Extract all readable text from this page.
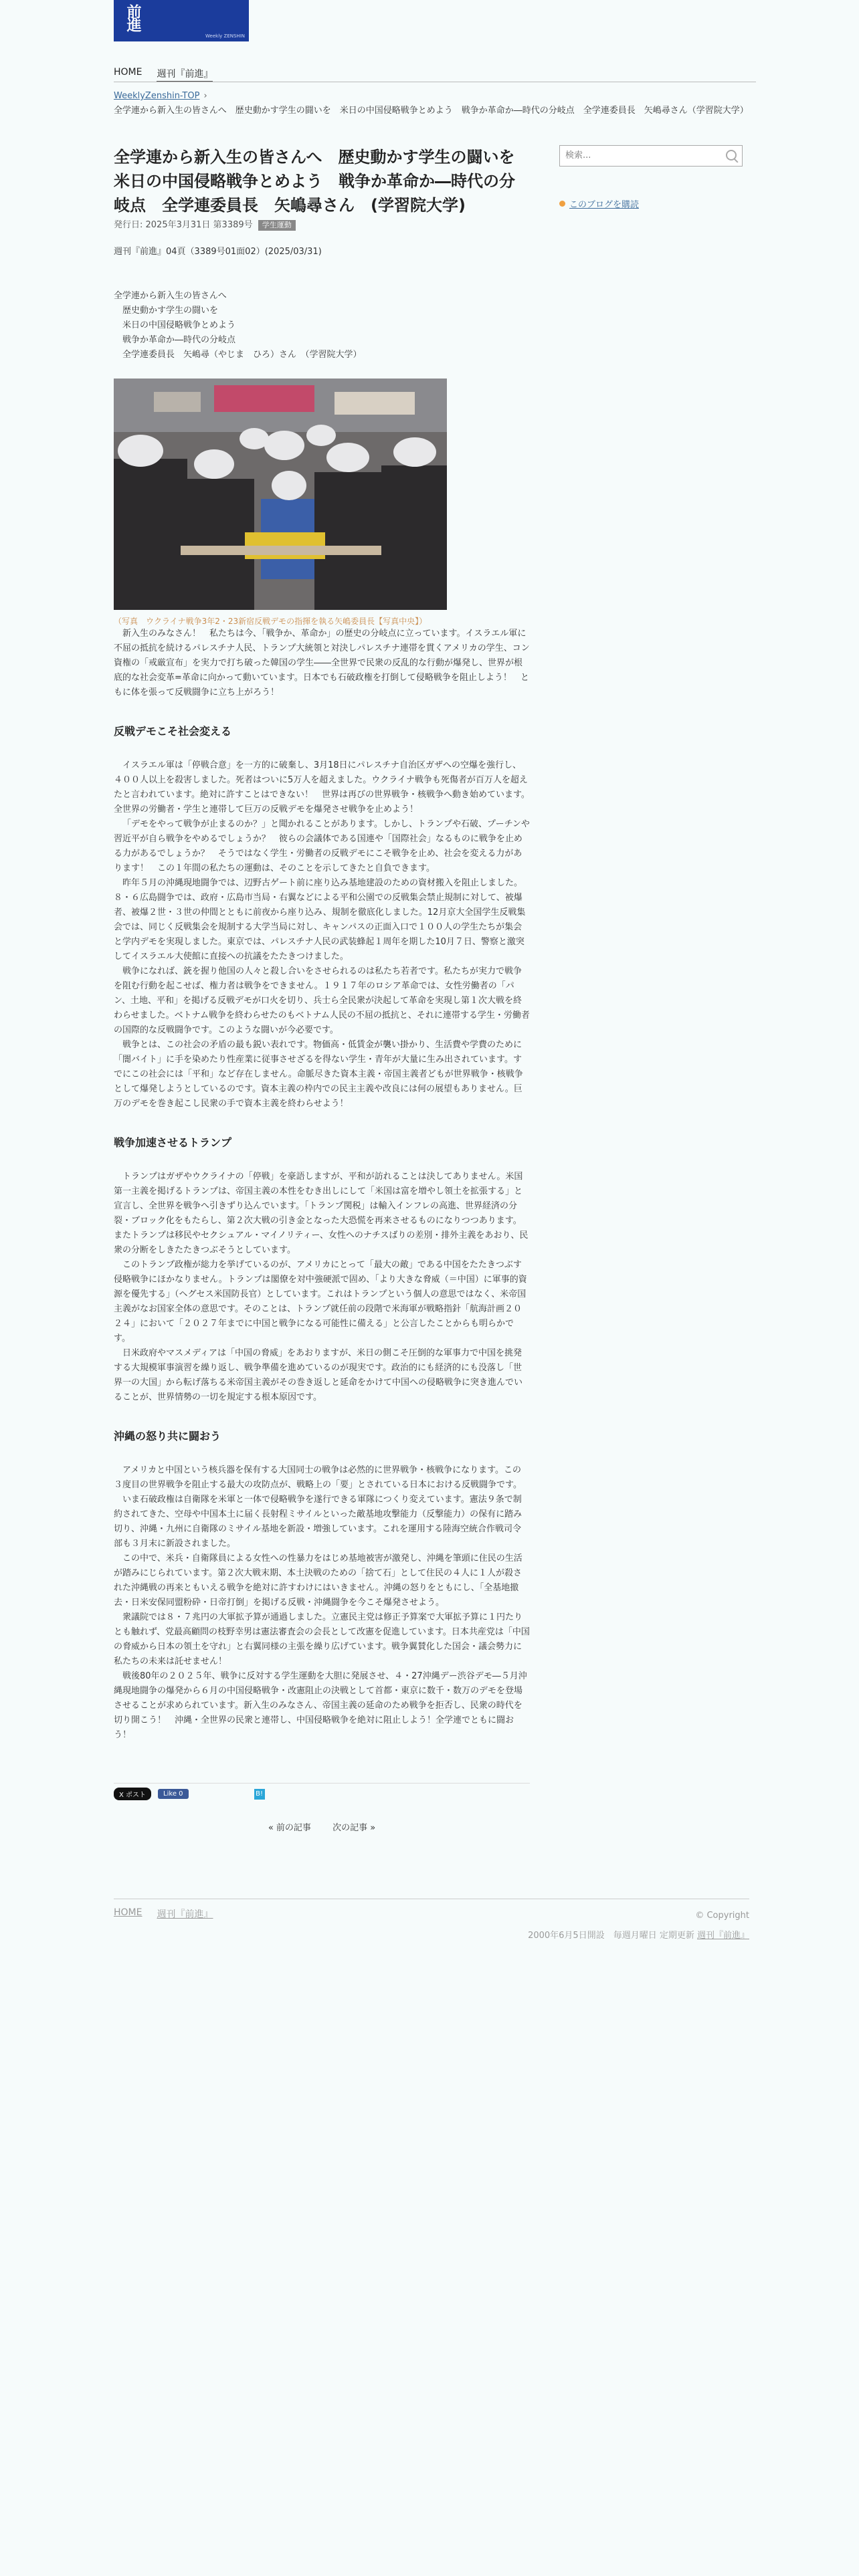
前進
Weekly ZENSHIN
HOME 週刊『前進』
WeeklyZenshin-TOP ›
全学連から新入生の皆さんへ　歴史動かす学生の闘いを　米日の中国侵略戦争とめよう　戦争か革命か―時代の分岐点　全学連委員長　矢嶋尋さん（学習院大学）
全学連から新入生の皆さんへ　歴史動かす学生の闘いを　米日の中国侵略戦争とめよう　戦争か革命か―時代の分岐点　全学連委員長　矢嶋尋さん　(学習院大学)
発行日: 2025年3月31日 第3389号 学生運動
週刊『前進』04頁（3389号01面02）(2025/03/31)
全学連から新入生の皆さんへ
　歴史動かす学生の闘いを
　米日の中国侵略戦争とめよう
　戦争か革命か―時代の分岐点
　全学連委員長　矢嶋尋（やじま　ひろ）さん　（学習院大学）
（写真　ウクライナ戦争3年2・23新宿反戦デモの指揮を執る矢嶋委員長【写真中央】）

新入生のみなさん！　私たちは今、「戦争か、革命か」の歴史の分岐点に立っています。イスラエル軍に不屈の抵抗を続けるパレスチナ人民、トランプ大統領と対決しパレスチナ連帯を貫くアメリカの学生、コン資権の「戒厳宣布」を実力で打ち破った韓国の学生――全世界で民衆の反乱的な行動が爆発し、世界が根底的な社会変革=革命に向かって動いています。日本でも石破政権を打倒して侵略戦争を阻止しよう！　ともに体を張って反戦闘争に立ち上がろう！

反戦デモこそ社会変える

イスラエル軍は「停戦合意」を一方的に破棄し、3月18日にパレスチナ自治区ガザへの空爆を強行し、４００人以上を殺害しました。死者はついに5万人を超えました。ウクライナ戦争も死傷者が百万人を超えたと言われています。絶対に許すことはできない！　世界は再びの世界戦争・核戦争へ動き始めています。全世界の労働者・学生と連帯して巨万の反戦デモを爆発させ戦争を止めよう！

「デモをやって戦争が止まるのか？」と聞かれることがあります。しかし、トランプや石破、プーチンや習近平が自ら戦争をやめるでしょうか？　彼らの会議体である国連や「国際社会」なるものに戦争を止める力があるでしょうか？　そうではなく学生・労働者の反戦デモにこそ戦争を止め、社会を変える力があります！　この１年間の私たちの運動は、そのことを示してきたと自負できます。

昨年５月の沖縄現地闘争では、辺野古ゲート前に座り込み基地建設のための資材搬入を阻止しました。８・６広島闘争では、政府・広島市当局・右翼などによる平和公園での反戦集会禁止規制に対して、被爆者、被爆２世・３世の仲間とともに前夜から座り込み、規制を徹底化しました。12月京大全国学生反戦集会では、同じく反戦集会を規制する大学当局に対し、キャンパスの正面入口で１００人の学生たちが集会と学内デモを実現しました。東京では、パレスチナ人民の武装蜂起１周年を期した10月７日、警察と激突してイスラエル大使館に直接への抗議をたたきつけました。

戦争になれば、銃を握り他国の人々と殺し合いをさせられるのは私たち若者です。私たちが実力で戦争を阻む行動を起こせば、権力者は戦争をできません。１９１７年のロシア革命では、女性労働者の「パン、土地、平和」を掲げる反戦デモが口火を切り、兵士ら全民衆が決起して革命を実現し第１次大戦を終わらせました。ベトナム戦争を終わらせたのもベトナム人民の不屈の抵抗と、それに連帯する学生・労働者の国際的な反戦闘争です。このような闘いが今必要です。

戦争とは、この社会の矛盾の最も鋭い表れです。物価高・低賃金が襲い掛かり、生活費や学費のために「闇バイト」に手を染めたり性産業に従事させざるを得ない学生・青年が大量に生み出されています。すでにこの社会には「平和」など存在しません。命脈尽きた資本主義・帝国主義者どもが世界戦争・核戦争として爆発しようとしているのです。資本主義の枠内での民主主義や改良には何の展望もありません。巨万のデモを巻き起こし民衆の手で資本主義を終わらせよう！

戦争加速させるトランプ

トランプはガザやウクライナの「停戦」を豪語しますが、平和が訪れることは決してありません。米国第一主義を掲げるトランプは、帝国主義の本性をむき出しにして「米国は富を増やし領土を拡張する」と宣言し、全世界を戦争へ引きずり込んでいます。「トランプ関税」は輸入インフレの高進、世界経済の分裂・ブロック化をもたらし、第２次大戦の引き金となった大恐慌を再来させるものになりつつあります。またトランプは移民やセクシュアル・マイノリティー、女性へのナチスばりの差別・排外主義をあおり、民衆の分断をしきたたきつぶそうとしています。

このトランプ政権が総力を挙げているのが、アメリカにとって「最大の敵」である中国をたたきつぶす侵略戦争にほかなりません。トランプは閣僚を対中強硬派で固め、「より大きな脅威（＝中国）に軍事的資源を優先する」（ヘグセス米国防長官）としています。これはトランプという個人の意思ではなく、米帝国主義がなお国家全体の意思です。そのことは、トランプ就任前の段階で米海軍が戦略指針「航海計画２０２４」において「２０２７年までに中国と戦争になる可能性に備える」と公言したことからも明らかです。

日米政府やマスメディアは「中国の脅威」をあおりますが、米日の側こそ圧倒的な軍事力で中国を挑発する大規模軍事演習を繰り返し、戦争準備を進めているのが現実です。政治的にも経済的にも没落し「世界一の大国」から転げ落ちる米帝国主義がその巻き返しと延命をかけて中国への侵略戦争に突き進んでいることが、世界情勢の一切を規定する根本原因です。

沖縄の怒り共に闘おう

アメリカと中国という核兵器を保有する大国同士の戦争は必然的に世界戦争・核戦争になります。この３度目の世界戦争を阻止する最大の攻防点が、戦略上の「要」とされている日本における反戦闘争です。

いま石破政権は自衛隊を米軍と一体で侵略戦争を遂行できる軍隊につくり変えています。憲法９条で制約されてきた、空母や中国本土に届く長射程ミサイルといった敵基地攻撃能力（反撃能力）の保有に踏み切り、沖縄・九州に自衛隊のミサイル基地を新設・増強しています。これを運用する陸海空統合作戦司令部も３月末に新設されました。

この中で、米兵・自衛隊員による女性への性暴力をはじめ基地被害が激発し、沖縄を筆頭に住民の生活が踏みにじられています。第２次大戦末期、本土決戦のための「捨て石」として住民の４人に１人が殺された沖縄戦の再来ともいえる戦争を絶対に許すわけにはいきません。沖縄の怒りをともにし、「全基地撤去・日米安保同盟粉砕・日帝打倒」を掲げる反戦・沖縄闘争を今こそ爆発させよう。

衆議院では８・７兆円の大軍拡予算が通過しました。立憲民主党は修正予算案で大軍拡予算に１円たりとも触れず、党最高顧問の枝野幸男は憲法審査会の会長として改憲を促進しています。日本共産党は「中国の脅威から日本の領土を守れ」と右翼同様の主張を繰り広げています。戦争翼賛化した国会・議会勢力に私たちの未来は託せません！

戦後80年の２０２５年、戦争に反対する学生運動を大胆に発展させ、４・27沖縄デー渋谷デモ―５月沖縄現地闘争の爆発から６月の中国侵略戦争・改憲阻止の決戦として首都・東京に数千・数万のデモを登場させることが求められています。新入生のみなさん、帝国主義の延命のため戦争を拒否し、民衆の時代を切り開こう！　沖縄・全世界の民衆と連帯し、中国侵略戦争を絶対に阻止しよう！全学連でともに闘おう！

X ポスト	Like 0	B!
« 前の記事 次の記事 »
検索...
このブログを購読
HOME 週刊『前進』	© Copyright
2000年6月5日開設　毎週月曜日 定期更新 週刊『前進』
